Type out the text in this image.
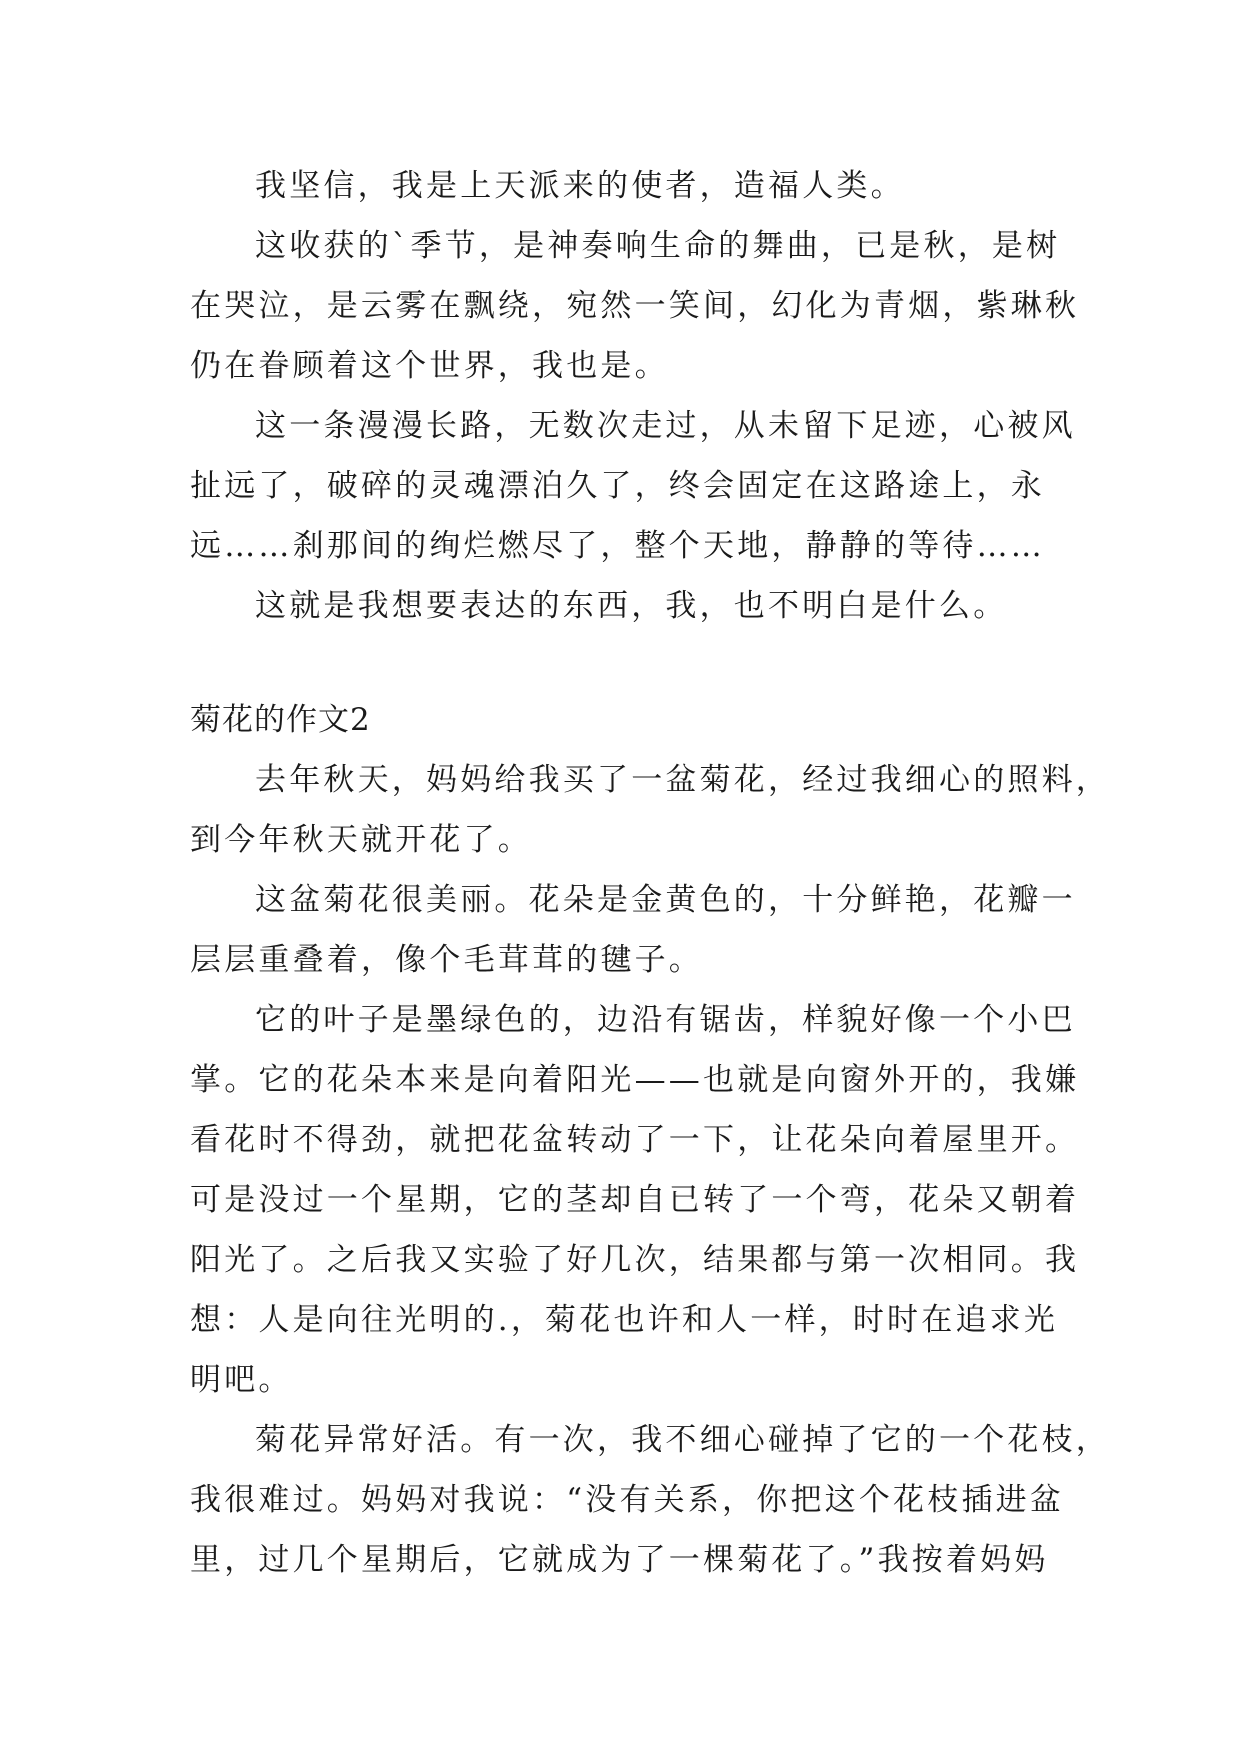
我坚信，我是上天派来的使者，造福人类。
这收获的`季节，是神奏响生命的舞曲，已是秋，是树
在哭泣，是云雾在飘绕，宛然一笑间，幻化为青烟，紫琳秋
仍在眷顾着这个世界，我也是。
这一条漫漫长路，无数次走过，从未留下足迹，心被风
扯远了，破碎的灵魂漂泊久了，终会固定在这路途上，永
远……刹那间的绚烂燃尽了，整个天地，静静的等待……
这就是我想要表达的东西，我，也不明白是什么。
菊花的作文2
去年秋天，妈妈给我买了一盆菊花，经过我细心的照料，
到今年秋天就开花了。
这盆菊花很美丽。花朵是金黄色的，十分鲜艳，花瓣一
层层重叠着，像个毛茸茸的毽子。
它的叶子是墨绿色的，边沿有锯齿，样貌好像一个小巴
掌。它的花朵本来是向着阳光——也就是向窗外开的，我嫌
看花时不得劲，就把花盆转动了一下，让花朵向着屋里开。
可是没过一个星期，它的茎却自已转了一个弯，花朵又朝着
阳光了。之后我又实验了好几次，结果都与第一次相同。我
想：人是向往光明的.，菊花也许和人一样，时时在追求光
明吧。
菊花异常好活。有一次，我不细心碰掉了它的一个花枝，
我很难过。妈妈对我说：“没有关系，你把这个花枝插进盆
里，过几个星期后，它就成为了一棵菊花了。”我按着妈妈
